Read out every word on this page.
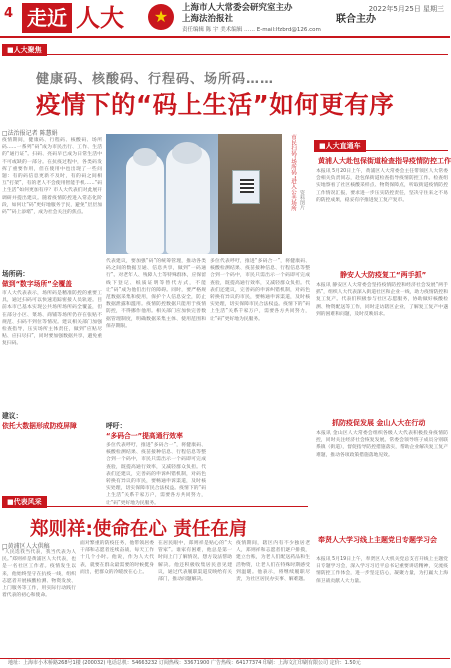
4 走近 人大	★	上海市人大常委会研究室主办
上海法治报社
责任编辑 陈 宇 美术编辑 …… E-mail:lfzbrd@126.com
联合主办
2022年5月25日 星期三
■人大聚焦
健康码、核酸码、行程码、场所码……
疫情下的“码上生活”如何更有序
□法治报记者 陈慧娟
疫情期间，健康码、行程码、核酸码、场所码……一系列“码”成为市民出行、工作、生活的“通行证”。扫码、亮码早已成为日常生活中不可或缺的一部分。在抗疫过程中，各类码发挥了重要作用，但在使用中也出现了一些问题：有的码信息更新不及时，有的码之间相互“打架”，有的老人不会使用智能手机……“码上生活”如何更加有序？市人大代表们对此展开调研并提出建议。随着疫情防控进入常态化阶段，如何让“码”更好地服务于民，避免“层层加码”“码上添堵”，成为社会关注的焦点。
场所码：
做到“数字场所”全覆盖
市人大代表表示，场所码是精准防控的重要工具，通过扫码可以快速追踪密接人员轨迹。目前本市已基本实现公共场所场所码全覆盖，但在部分小区、菜场、商铺等场所仍存在张贴不规范、扫码不到位等情况。建议相关部门加强检查指导，压实场所主体责任，做到“应贴尽贴、应扫尽扫”，同时要加强数据共享，避免重复扫码。
建议：
依托大数据形成防疫屏障
市民扫码“场所码”进入公共场所 资料图片
代表建议，要加强“码”的统筹管理，推动各类码之间的数据互通、信息共享，做到“一码通行”。对老年人、残障人士等特殊群体，应保留线下登记、纸质证明等替代方式，不能让“码”成为他们出行的障碍。同时，要严格规范数据采集和使用，保护个人信息安全，防止数据泄露和滥用。疫情防控数据只能用于疫情防控，不得挪作他用。相关部门应加快完善数据管理制度，明确数据采集主体、使用范围和保存期限。
呼吁：
“多码合一”提高通行效率
多位代表呼吁，推进“多码合一”，将健康码、核酸检测结果、疫苗接种信息、行程信息等整合到一个码中，市民只需出示一个码即可完成查验，既提高通行效率，又减轻群众负担。代表们还建议，完善码的申诉纠错机制，对码色转换有异议的市民，要畅通申诉渠道，及时核实处理，切实保障市民合法权益。疫情下的“码上生活”关系千家万户，需要各方共同努力，让“码”更好地为民服务。
多位代表呼吁，推进“多码合一”，将健康码、核酸检测结果、疫苗接种信息、行程信息等整合到一个码中，市民只需出示一个码即可完成查验，既提高通行效率，又减轻群众负担。代表们还建议，完善码的申诉纠错机制，对码色转换有异议的市民，要畅通申诉渠道，及时核实处理，切实保障市民合法权益。疫情下的“码上生活”关系千家万户，需要各方共同努力，让“码”更好地为民服务。
■人大直通车
黄浦人大赴包保街道检查指导疫情防控工作
本报讯 5月20日上午，黄浦区人大常委会主任带领区人大常委会相关负责同志，赴包保街道检查指导疫情防控工作。检查组实地察看了社区核酸采样点、物资保障点，听取街道疫情防控工作情况汇报，要求进一步压实防控责任，坚决守住来之不易的防控成果，稳妥有序推进复工复产复市。
静安人大防疫复工“两手抓”
本报讯 静安区人大常委会坚持疫情防控和经济社会发展“两手抓”，组织人大代表深入街道社区和企业一线，助力疫情防控和复工复产。代表们积极参与社区志愿服务，协助做好核酸检测、物资配送等工作，同时走访辖区企业，了解复工复产中遇到的困难和问题，及时反映诉求。
抓防疫促发展 金山人大在行动
本报讯 金山区人大常委会组织各级人大代表积极投身疫情防控，同时关注经济社会恢复发展。常委会领导班子成员分别联系镇（街道），督促指导防控措施落实，帮助企业解决复工复产难题，推动各项政策措施落地见效。
奉贤人大学习线上主题党日专题学习会
本报讯 5月19日上午，奉贤区人大机关党总支召开线上主题党日专题学习会，深入学习习近平总书记重要讲话精神，交流疫情防控工作体会，进一步坚定信心，凝聚力量，为打赢大上海保卫战贡献人大力量。
■代表风采
郑则祥:使命在心 责任在肩
□黄浦区人大供稿
“人民选我当代表，我当代表为人民。”郑则祥是黄浦区人大代表，也是一名社区工作者。疫情发生以来，他始终坚守在抗疫一线，组织志愿者开展核酸检测、物资发放、上门服务等工作，用实际行动践行着代表的初心和使命。
面对繁重的防疫任务，他带领居委干部和志愿者连续奋战，每天工作十几个小时。他说，作为人大代表，就要在群众最需要的时候挺身而出，把群众的冷暖放在心上。
在居民眼中，郑则祥是贴心的“大管家”。谁家有困难，他总是第一时间上门了解情况，想方设法帮助解决。他还积极收集居民意见建议，通过代表履职渠道反映给有关部门，推动问题解决。
疫情期间，辖区内有不少独居老人，郑则祥和志愿者们逐户排摸，建立台账，为老人们配送药品和生活物资，让老人们在特殊时期感受到温暖。他表示，将继续履职尽责，为社区居民办实事、解难题。
地址：上海市小木桥路268号1楼 (200032) 电话总机：54663232 订阅热线：33671900 广告热线：64177374 印刷：上海文汇印刷有限公司 定价：1.50元
